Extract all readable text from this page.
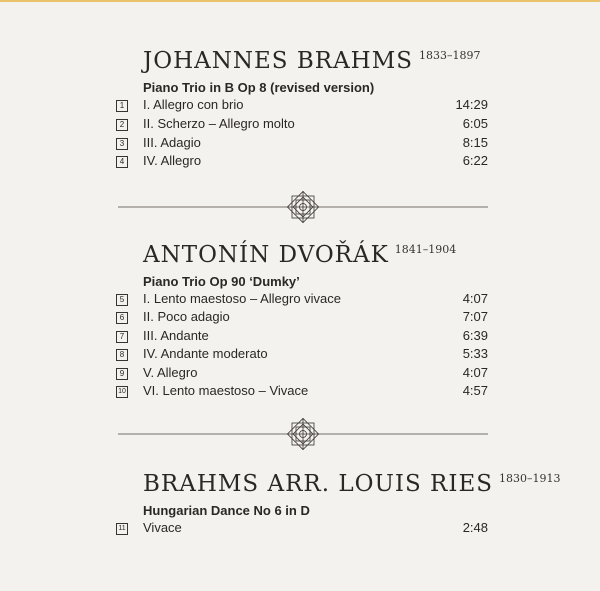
JOHANNES BRAHMS $^{1833-1897}$
Piano Trio in B Op 8 (revised version)
1 I. Allegro con brio	14:29
2 II. Scherzo – Allegro molto	6:05
3 III. Adagio	8:15
4 IV. Allegro	6:22
ANTONÍN DVOŘÁK $^{1841-1904}$
Piano Trio Op 90 ‘Dumky’
5 I. Lento maestoso – Allegro vivace	4:07
6 II. Poco adagio	7:07
7 III. Andante	6:39
8 IV. Andante moderato	5:33
9 V. Allegro	4:07
10 VI. Lento maestoso – Vivace	4:57
BRAHMS ARR. LOUIS RIES $^{1830-1913}$
Hungarian Dance No 6 in D
11 Vivace	2:48
